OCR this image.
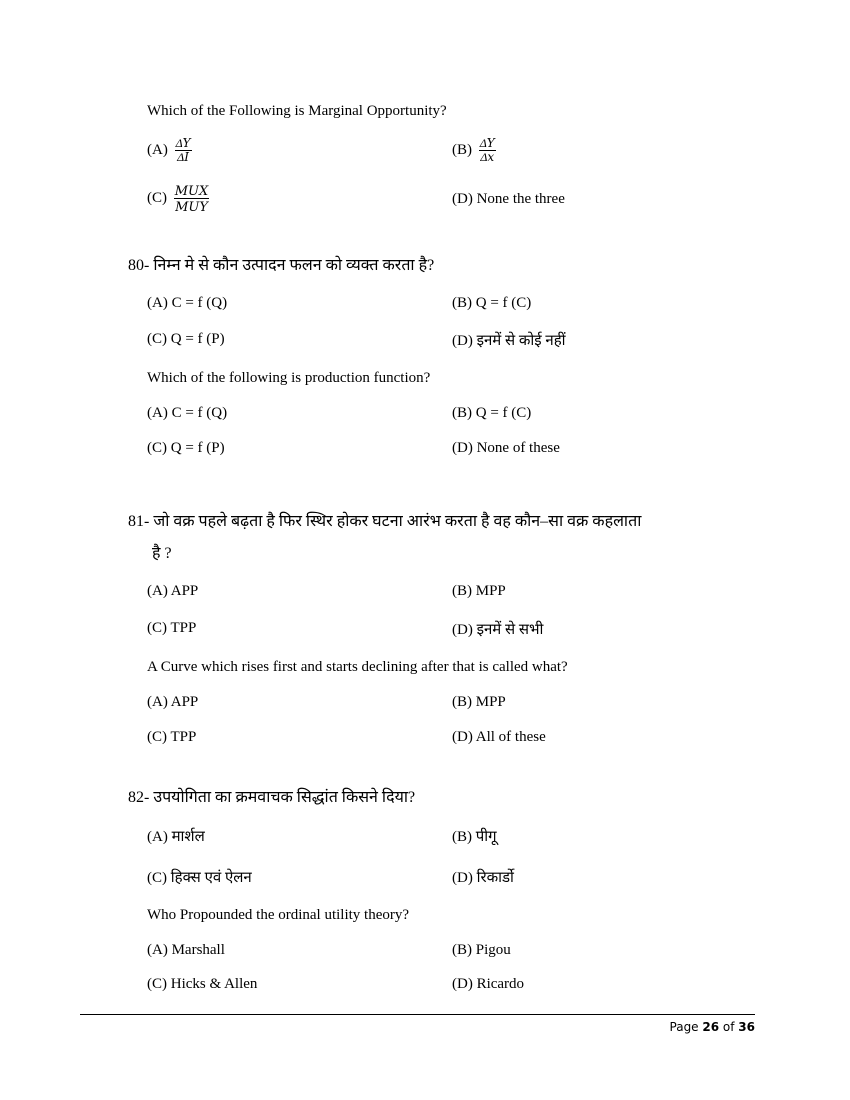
Which of the Following is Marginal Opportunity?
$(A) \frac{\text{Δ𝑌}}{\text{Δ𝐼}}$	$(B) \frac{\text{Δ𝑌}}{\text{Δ𝑥}}$
$(C) \frac{\text{𝑀𝑈𝑋}}{\text{𝑀𝑈𝑌}}$	(D) None the three
80- निम्न मे से कौन उत्पादन फलन को व्यक्त करता है?
(A) C = f (Q)	(B) Q = f (C)
(C) Q = f (P)	(D) इनमें से कोई नहीं
Which of the following is production function?
(A) C = f (Q)	(B) Q = f (C)
(C) Q = f (P)	(D) None of these
81- जो वक्र पहले बढ़ता है फिर स्थिर होकर घटना आरंभ करता है वह कौन–सा वक्र कहलाता
है ?
(A) APP	(B) MPP
(C) TPP	(D) इनमें से सभी
A Curve which rises first and starts declining after that is called what?
(A) APP	(B) MPP
(C) TPP	(D) All of these
82- उपयोगिता का क्रमवाचक सिद्धांत किसने दिया?
(A) मार्शल	(B) पीगू
(C) हिक्स एवं ऐलन	(D) रिकार्डो
Who Propounded the ordinal utility theory?
(A) Marshall	(B) Pigou
(C) Hicks & Allen	(D) Ricardo
Page 26 of 36
